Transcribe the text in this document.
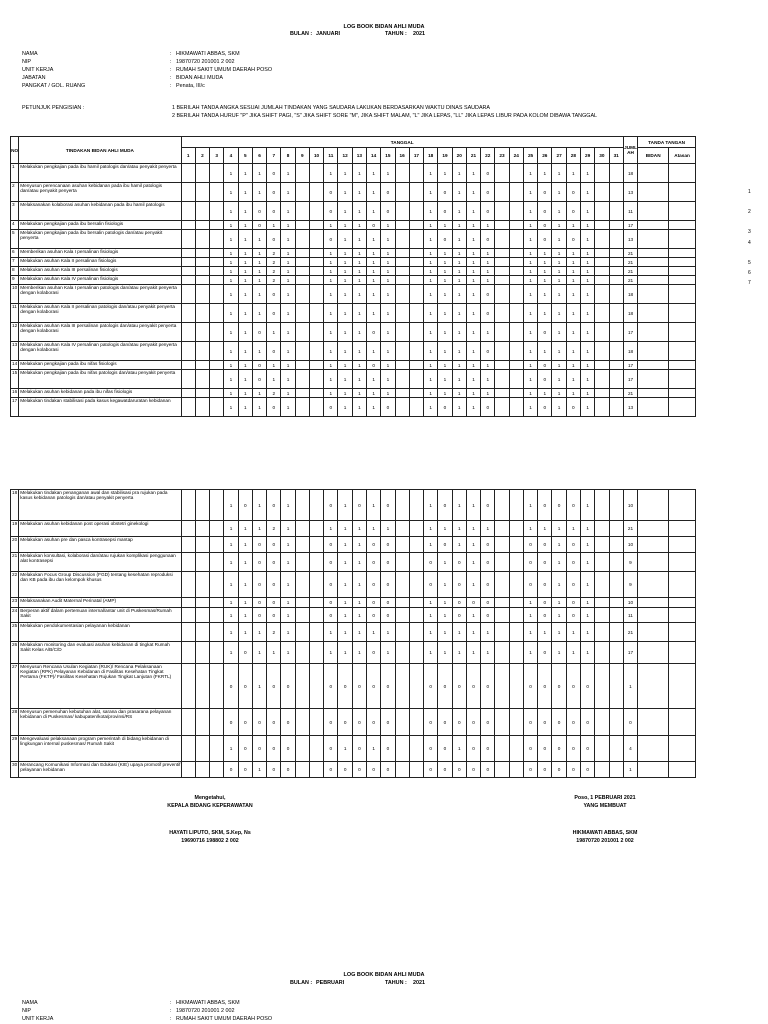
LOG BOOK BIDAN AHLI MUDA
BULAN : JANUARI	TAHUN : 2021
NAMA	: HIKMAWATI ABBAS, SKM
NIP	: 19870720 201001 2 002
UNIT KERJA	: RUMAH SAKIT UMUM DAERAH POSO
JABATAN	: BIDAN AHLI MUDA
PANGKAT / GOL. RUANG	: Penata, III/c
PETUNJUK PENGISIAN :	1 BERILAH TANDA ANGKA SESUAI JUMLAH TINDAKAN YANG SAUDARA LAKUKAN BERDASARKAN WAKTU DINAS SAUDARA
2 BERILAH TANDA HURUF "P" JIKA SHIFT PAGI, "S" JIKA SHIFT SORE "M", JIKA SHIFT MALAM, "L" JIKA LEPAS, "LL" JIKA LEPAS LIBUR PADA KOLOM DIBAWA TANGGAL
1
2
3
4
5
6
7
NO	TINDAKAN BIDAN AHLI MUDA	TANGGAL																															JUML AH	TANDA TANGAN	
		1	2	3	4	5	6	7	8	9	10	11	12	13	14	15	16	17	18	19	20	21	22	23	24	25	26	27	28	29	30	31		BIDAN	Atasan
1	Melakukan pengkajian pada ibu hamil patologis dan/atau penyakit penyerta				1	1	1	0	1			1	1	1	1	1			1	1	1	1	0			1	1	1	1	1			18		
2	Menyusun perencanaan asuhan kebidanan pada ibu hamil patologis dan/atau penyakit penyerta				1	1	1	0	1			0	1	1	1	0			1	0	1	1	0			1	0	1	0	1			13		
3	Melaksanakan kolaborasi asuhan kebidanan pada ibu hamil patologis				1	1	0	0	1			0	1	1	1	0			1	0	1	1	0			1	0	1	0	1			11		
4	Melakukan pengkajian pada ibu bersalin fisiologis				1	1	0	1	1			1	1	1	0	1			1	1	1	1	1			1	0	1	1	1			17		
5	Melakukan pengkajian pada ibu bersalin patologis dan/atau penyakit penyerta				1	1	1	0	1			0	1	1	1	1			1	0	1	1	0			1	0	1	0	1			13		
6	Memberikan asuhan Kala I persalinan fisiologis				1	1	1	2	1			1	1	1	1	1			1	1	1	1	1			1	1	1	1	1			21		
7	Melakukan asuhan Kala II persalinan fisiologis				1	1	1	2	1			1	1	1	1	1			1	1	1	1	1			1	1	1	1	1			21		
8	Melakukan asuhan Kala III persalinan fisiologis				1	1	1	2	1			1	1	1	1	1			1	1	1	1	1			1	1	1	1	1			21		
9	Melakukan asuhan Kala IV persalinan fisiologis				1	1	1	2	1			1	1	1	1	1			1	1	1	1	1			1	1	1	1	1			21		
10	Memberikan asuhan Kala I persalinan patologis dan/atau penyakit penyerta dengan kolaborasi				1	1	1	0	1			1	1	1	1	1			1	1	1	1	0			1	1	1	1	1			18		
11	Melakukan asuhan Kala II persalinan patologis dan/atau penyakit penyerta dengan kolaborasi				1	1	1	0	1			1	1	1	1	1			1	1	1	1	0			1	1	1	1	1			18		
12	Melakukan asuhan Kala III persalinan patologis dan/atau penyakit penyerta dengan kolaborasi				1	1	0	1	1			1	1	1	0	1			1	1	1	1	1			1	0	1	1	1			17		
13	Melakukan asuhan Kala IV persalinan patologis dan/atau penyakit penyerta dengan kolaborasi				1	1	1	0	1			1	1	1	1	1			1	1	1	1	0			1	1	1	1	1			18		
14	Melakukan pengkajian pada ibu nifas fisiologis				1	1	0	1	1			1	1	1	0	1			1	1	1	1	1			1	0	1	1	1			17		
15	Melakukan pengkajian pada ibu nifas patologis dan/atau penyakit penyerta				1	1	0	1	1			1	1	1	1	1			1	1	1	1	1			1	0	1	1	1			17		
16	Melakukan asuhan kebidanan pada ibu nifas fisiologis				1	1	1	2	1			1	1	1	1	1			1	1	1	1	1			1	1	1	1	1			21		
17	Melakukan tindakan stabilisasi pada kasus kegawatdaruratan kebidanan				1	1	1	0	1			0	1	1	1	0			1	0	1	1	0			1	0	1	0	1			13		
18	Melakukan tindakan penanganan awal dan stabilisasi pra rujukan pada kasus kebidanan patologis dan/atau penyakit penyerta				1	0	1	0	1			0	1	0	1	0			1	0	1	1	0			1	0	0	0	1			10		
19	Melakukan asuhan kebidanan post operasi obstetri ginekologi				1	1	1	2	1			1	1	1	1	1			1	1	1	1	1			1	1	1	1	1			21		
20	Melakukan asuhan pre dan pasca kontrasepsi mantap				1	1	0	0	1			0	1	1	0	0			1	0	1	1	0			0	0	1	0	1			10		
21	Melakukan konsultasi, kolaborasi dan/atau rujukan komplikasi penggunaan alat kontrasepsi				1	1	0	0	1			0	1	1	0	0			0	1	0	1	0			0	0	1	0	1			9		
22	Melakukan Focus Group Discussion (FGD) tentang kesehatan reproduksi dan KB pada ibu dan kelompok khusus				1	1	0	0	1			0	1	1	0	0			0	1	0	1	0			0	0	1	0	1			9		
23	Melaksanakan Audit Maternal Perinatal (AMP)				1	1	0	0	1			0	1	1	0	0			1	1	0	0	0			1	0	1	0	1			10		
24	Berperan aktif dalam pertemuan internal/antar unit di Puskesmas/Rumah Sakit				1	1	0	0	1			0	1	1	0	0			1	1	0	1	0			1	0	1	0	1			11		
25	Melakukan pendokumentasian pelayanan kebidanan				1	1	1	2	1			1	1	1	1	1			1	1	1	1	1			1	1	1	1	1			21		
26	Melakukan monitoring dan evaluasi asuhan kebidanan di tingkat Rumah Sakit Kelas A/B/C/D				1	0	1	1	1			1	1	1	0	1			1	1	1	1	1			1	0	1	1	1			17		
27	Menyusun Rencana Usulan Kegiatan (RUK)/ Rencana Pelaksanaan Kegiatan (RPK) Pelayanan Kebidanan di Fasilitas Kesehatan Tingkat Pertama (FKTP)/ Fasilitas Kesehatan Rujukan Tingkat Lanjutan (FKRTL)				0	0	1	0	0			0	0	0	0	0			0	0	0	0	0			0	0	0	0	0			1		
28	Menyusun pemenuhan kebutuhan alat, sarana dan prasarana pelayanan kebidanan di Puskesmas/ kabupaten/kota/provinsi/RS				0	0	0	0	0			0	0	0	0	0			0	0	0	0	0			0	0	0	0	0			0		
29	Mengevaluasi pelaksanaan program pemerintah di bidang kebidanan di lingkungan internal puskesmas/ Rumah Sakit				1	0	0	0	0			0	1	0	1	0			0	0	1	0	0			0	0	0	0	0			4		
30	Merancang Komunikasi Informasi dan Edukasi (KIE) upaya promotif preventif pelayanan kebidanan				0	0	1	0	0			0	0	0	0	0			0	0	0	0	0			0	0	0	0	0			1		
Mengetahui,
KEPALA BIDANG KEPERAWATAN
HAYATI LIPUTO, SKM, S.Kep, Ns
19690716 198802 2 002
Poso, 1 PEBRUARI 2021
YANG MEMBUAT
HIKMAWATI ABBAS, SKM
19870720 201001 2 002
LOG BOOK BIDAN AHLI MUDA
BULAN : PEBRUARI	TAHUN : 2021
NAMA	: HIKMAWATI ABBAS, SKM
NIP	: 19870720 201001 2 002
UNIT KERJA	: RUMAH SAKIT UMUM DAERAH POSO
